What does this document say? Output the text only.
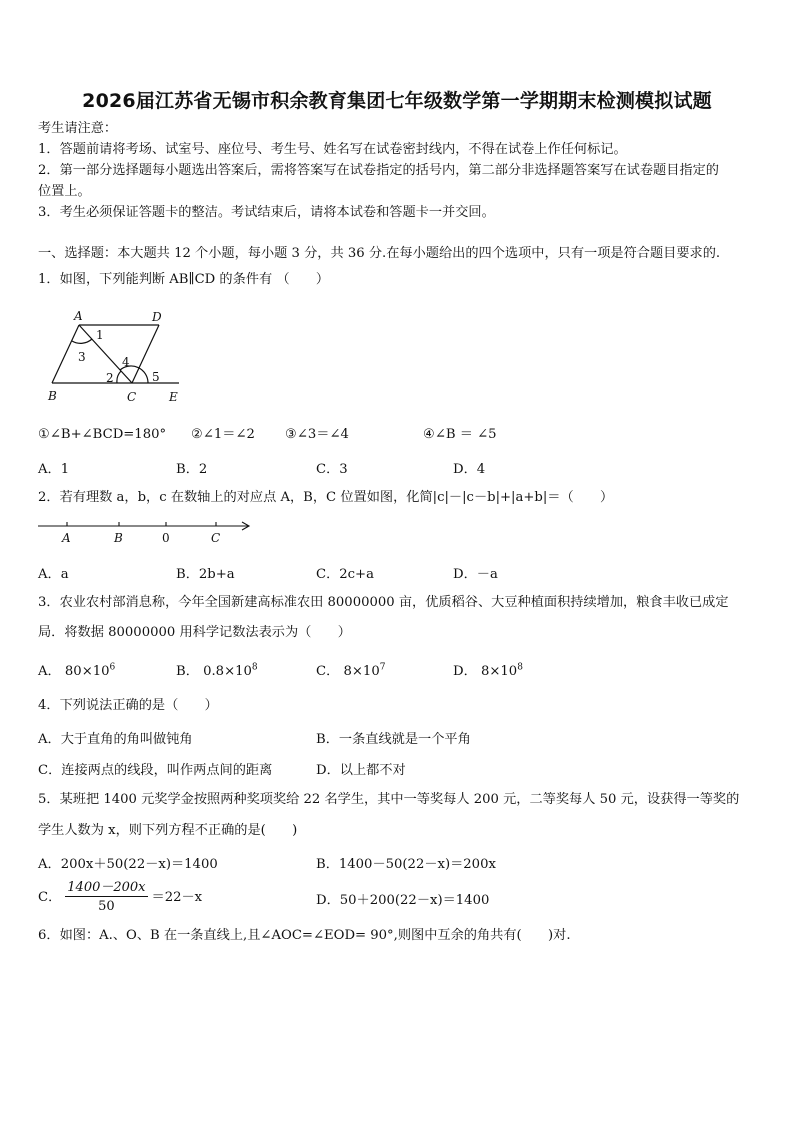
2026届江苏省无锡市积余教育集团七年级数学第一学期期末检测模拟试题
考生请注意：
1．答题前请将考场、试室号、座位号、考生号、姓名写在试卷密封线内，不得在试卷上作任何标记。
2．第一部分选择题每小题选出答案后，需将答案写在试卷指定的括号内，第二部分非选择题答案写在试卷题目指定的
位置上。
3．考生必须保证答题卡的整洁。考试结束后，请将本试卷和答题卡一并交回。
一、选择题：本大题共 12 个小题，每小题 3 分，共 36 分.在每小题给出的四个选项中，只有一项是符合题目要求的.
1．如图，下列能判断 AB∥CD 的条件有 （　　）
A	D
B	C	E
1
3	4
2	5
①∠B+∠BCD=180° ②∠1＝∠2 ③∠3＝∠4	④∠B ＝ ∠5
A．1	B．2	C．3	D．4
2．若有理数 a，b，c 在数轴上的对应点 A，B，C 位置如图，化简|c|－|c－b|+|a+b|＝（　　）
A	B	0	C
A．a	B．2b+a	C．2c+a	D．－a
3．农业农村部消息称，今年全国新建高标准农田 80000000 亩，优质稻谷、大豆种植面积持续增加，粮食丰收已成定
局．将数据 80000000 用科学记数法表示为（　　）
A． $80\times 10^6$	B． $0.8\times 10^8$	C． $8\times 10^7$	D． $8\times 10^8$
4．下列说法正确的是（　　）
A．大于直角的角叫做钝角	B．一条直线就是一个平角
C．连接两点的线段，叫作两点间的距离	D．以上都不对
5．某班把 1400 元奖学金按照两种奖项奖给 22 名学生，其中一等奖每人 200 元，二等奖每人 50 元，设获得一等奖的
学生人数为 x，则下列方程不正确的是(　　)
A．200x＋50(22－x)＝1400	B．1400－50(22－x)＝200x
C． $\frac{1400-200x}{50} =22-x$	D．50＋200(22－x)＝1400
6．如图：A.、O、B 在一条直线上,且∠AOC=∠EOD= 90°,则图中互余的角共有(　　)对.
